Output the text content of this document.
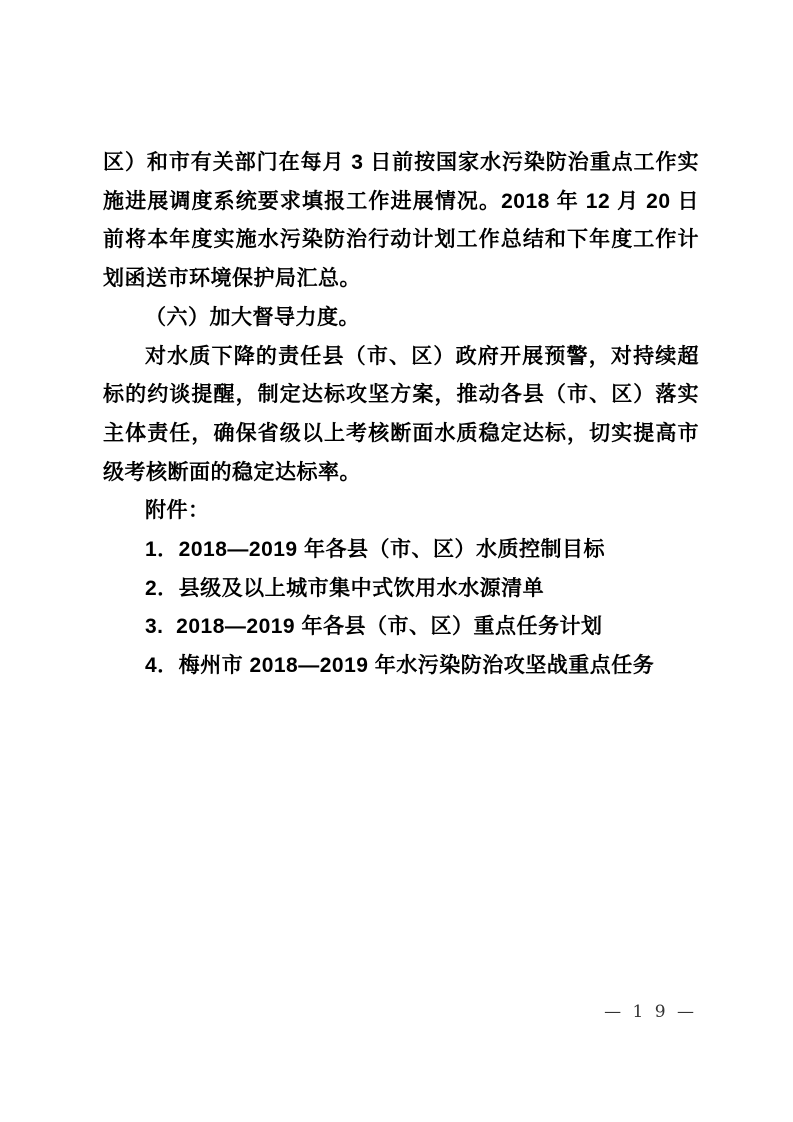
区）和市有关部门在每月 3 日前按国家水污染防治重点工作实施进展调度系统要求填报工作进展情况。2018 年 12 月 20 日前将本年度实施水污染防治行动计划工作总结和下年度工作计划函送市环境保护局汇总。

（六）加大督导力度。

对水质下降的责任县（市、区）政府开展预警，对持续超标的约谈提醒，制定达标攻坚方案，推动各县（市、区）落实主体责任，确保省级以上考核断面水质稳定达标，切实提高市级考核断面的稳定达标率。

附件：

1．2018—2019 年各县（市、区）水质控制目标

2．县级及以上城市集中式饮用水水源清单

3.  2018—2019 年各县（市、区）重点任务计划

4．梅州市 2018—2019 年水污染防治攻坚战重点任务

— 1 9 —
